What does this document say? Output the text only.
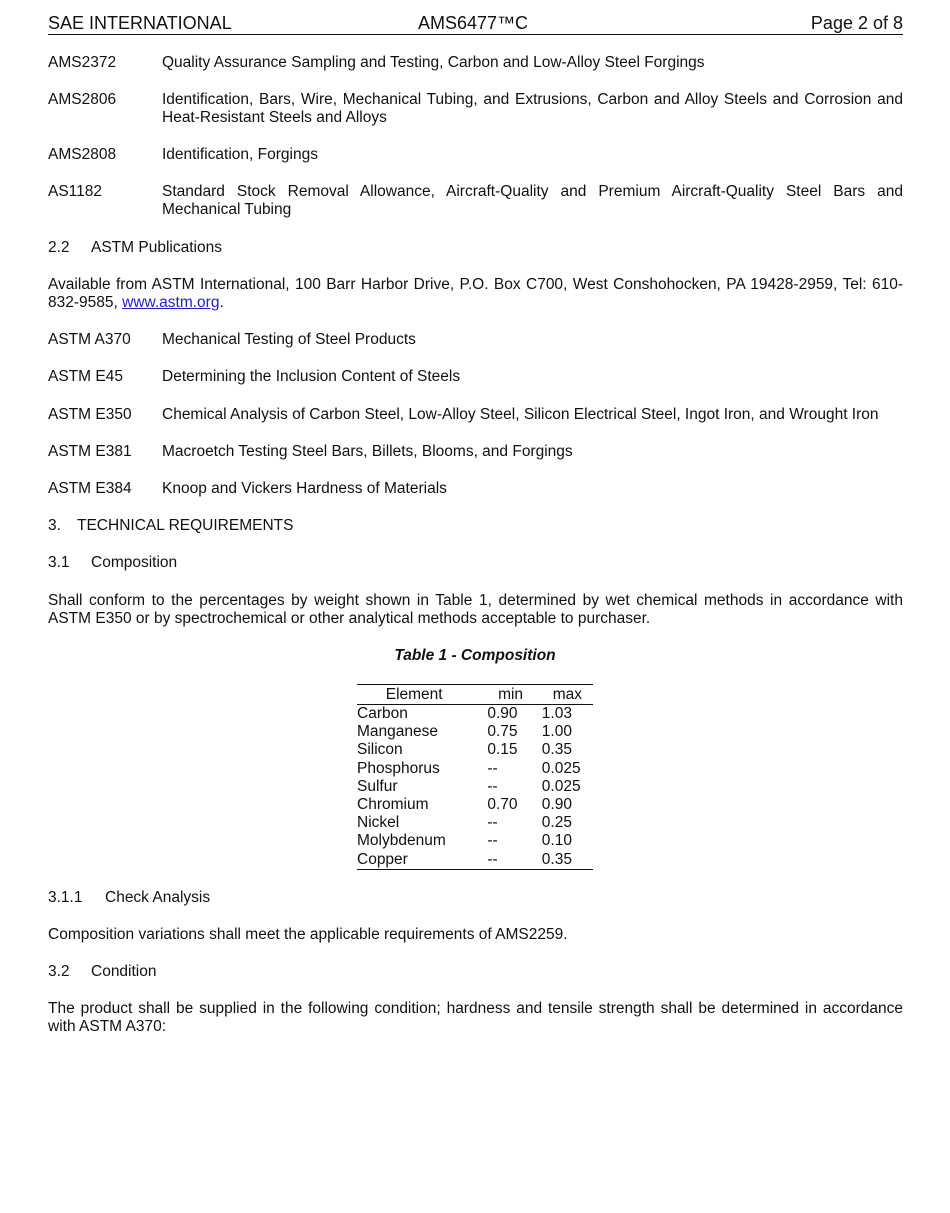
SAE INTERNATIONAL	AMS6477™C	Page 2 of 8
AMS2372	Quality Assurance Sampling and Testing, Carbon and Low-Alloy Steel Forgings
AMS2806	Identification, Bars, Wire, Mechanical Tubing, and Extrusions, Carbon and Alloy Steels and Corrosion and Heat-Resistant Steels and Alloys
AMS2808	Identification, Forgings
AS1182	Standard Stock Removal Allowance, Aircraft-Quality and Premium Aircraft-Quality Steel Bars and Mechanical Tubing
2.2 ASTM Publications
Available from ASTM International, 100 Barr Harbor Drive, P.O. Box C700, West Conshohocken, PA 19428-2959, Tel: 610-832-9585, www.astm.org.
ASTM A370 Mechanical Testing of Steel Products
ASTM E45	Determining the Inclusion Content of Steels
ASTM E350 Chemical Analysis of Carbon Steel, Low-Alloy Steel, Silicon Electrical Steel, Ingot Iron, and Wrought Iron
ASTM E381 Macroetch Testing Steel Bars, Billets, Blooms, and Forgings
ASTM E384 Knoop and Vickers Hardness of Materials
3. TECHNICAL REQUIREMENTS
3.1 Composition
Shall conform to the percentages by weight shown in Table 1, determined by wet chemical methods in accordance with ASTM E350 or by spectrochemical or other analytical methods acceptable to purchaser.
Table 1 - Composition
Element	min	max
Carbon	0.90	1.03
Manganese	0.75	1.00
Silicon	0.15	0.35
Phosphorus	--	0.025
Sulfur	--	0.025
Chromium	0.70	0.90
Nickel	--	0.25
Molybdenum	--	0.10
Copper	--	0.35
3.1.1 Check Analysis
Composition variations shall meet the applicable requirements of AMS2259.
3.2 Condition
The product shall be supplied in the following condition; hardness and tensile strength shall be determined in accordance with ASTM A370:
